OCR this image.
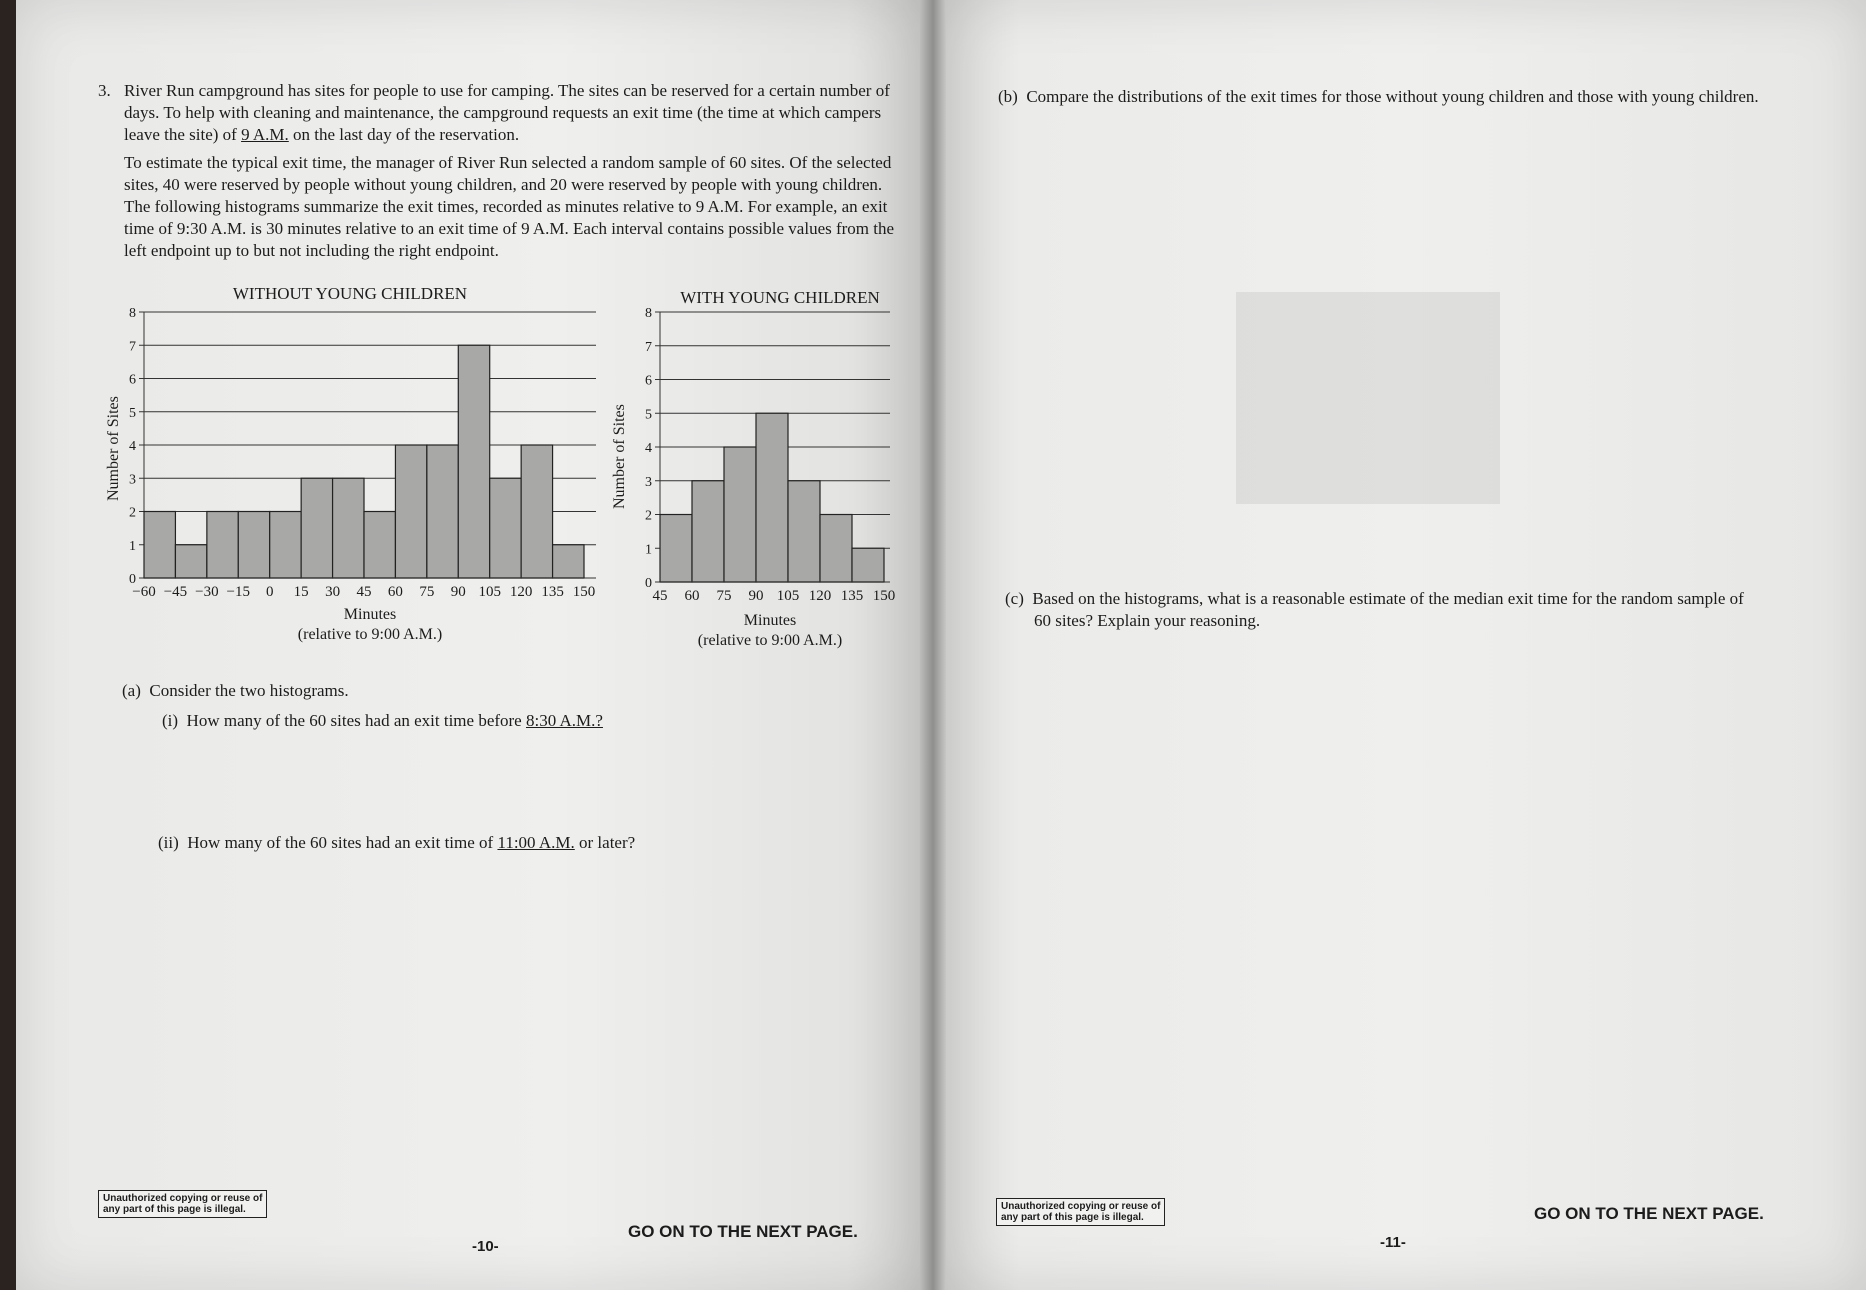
3. River Run campground has sites for people to use for camping. The sites can be reserved for a certain number of days. To help with cleaning and maintenance, the campground requests an exit time (the time at which campers leave the site) of 9 A.M. on the last day of the reservation.
To estimate the typical exit time, the manager of River Run selected a random sample of 60 sites. Of the selected sites, 40 were reserved by people without young children, and 20 were reserved by people with young children. The following histograms summarize the exit times, recorded as minutes relative to 9 A.M. For example, an exit time of 9:30 A.M. is 30 minutes relative to an exit time of 9 A.M. Each interval contains possible values from the left endpoint up to but not including the right endpoint.
WITHOUT YOUNG CHILDREN
Number of Sites
0
1
2
3
4
5
6
7
8
−60 −45 −30 −15 0 15 30 45 60 75 90 105 120 135 150
Minutes
(relative to 9:00 A.M.)
WITH YOUNG CHILDREN
Number of Sites
0
1
2
3
4
5
6
7
8
45 60 75 90 105 120 135 150
Minutes
(relative to 9:00 A.M.)
(a) Consider the two histograms.
(i) How many of the 60 sites had an exit time before 8:30 A.M.?
(ii) How many of the 60 sites had an exit time of 11:00 A.M. or later?
Unauthorized copying or reuse of
any part of this page is illegal.
-10-
GO ON TO THE NEXT PAGE.
(b) Compare the distributions of the exit times for those without young children and those with young children.
(c) Based on the histograms, what is a reasonable estimate of the median exit time for the random sample of
60 sites? Explain your reasoning.
Unauthorized copying or reuse of
any part of this page is illegal.
-11-
GO ON TO THE NEXT PAGE.
